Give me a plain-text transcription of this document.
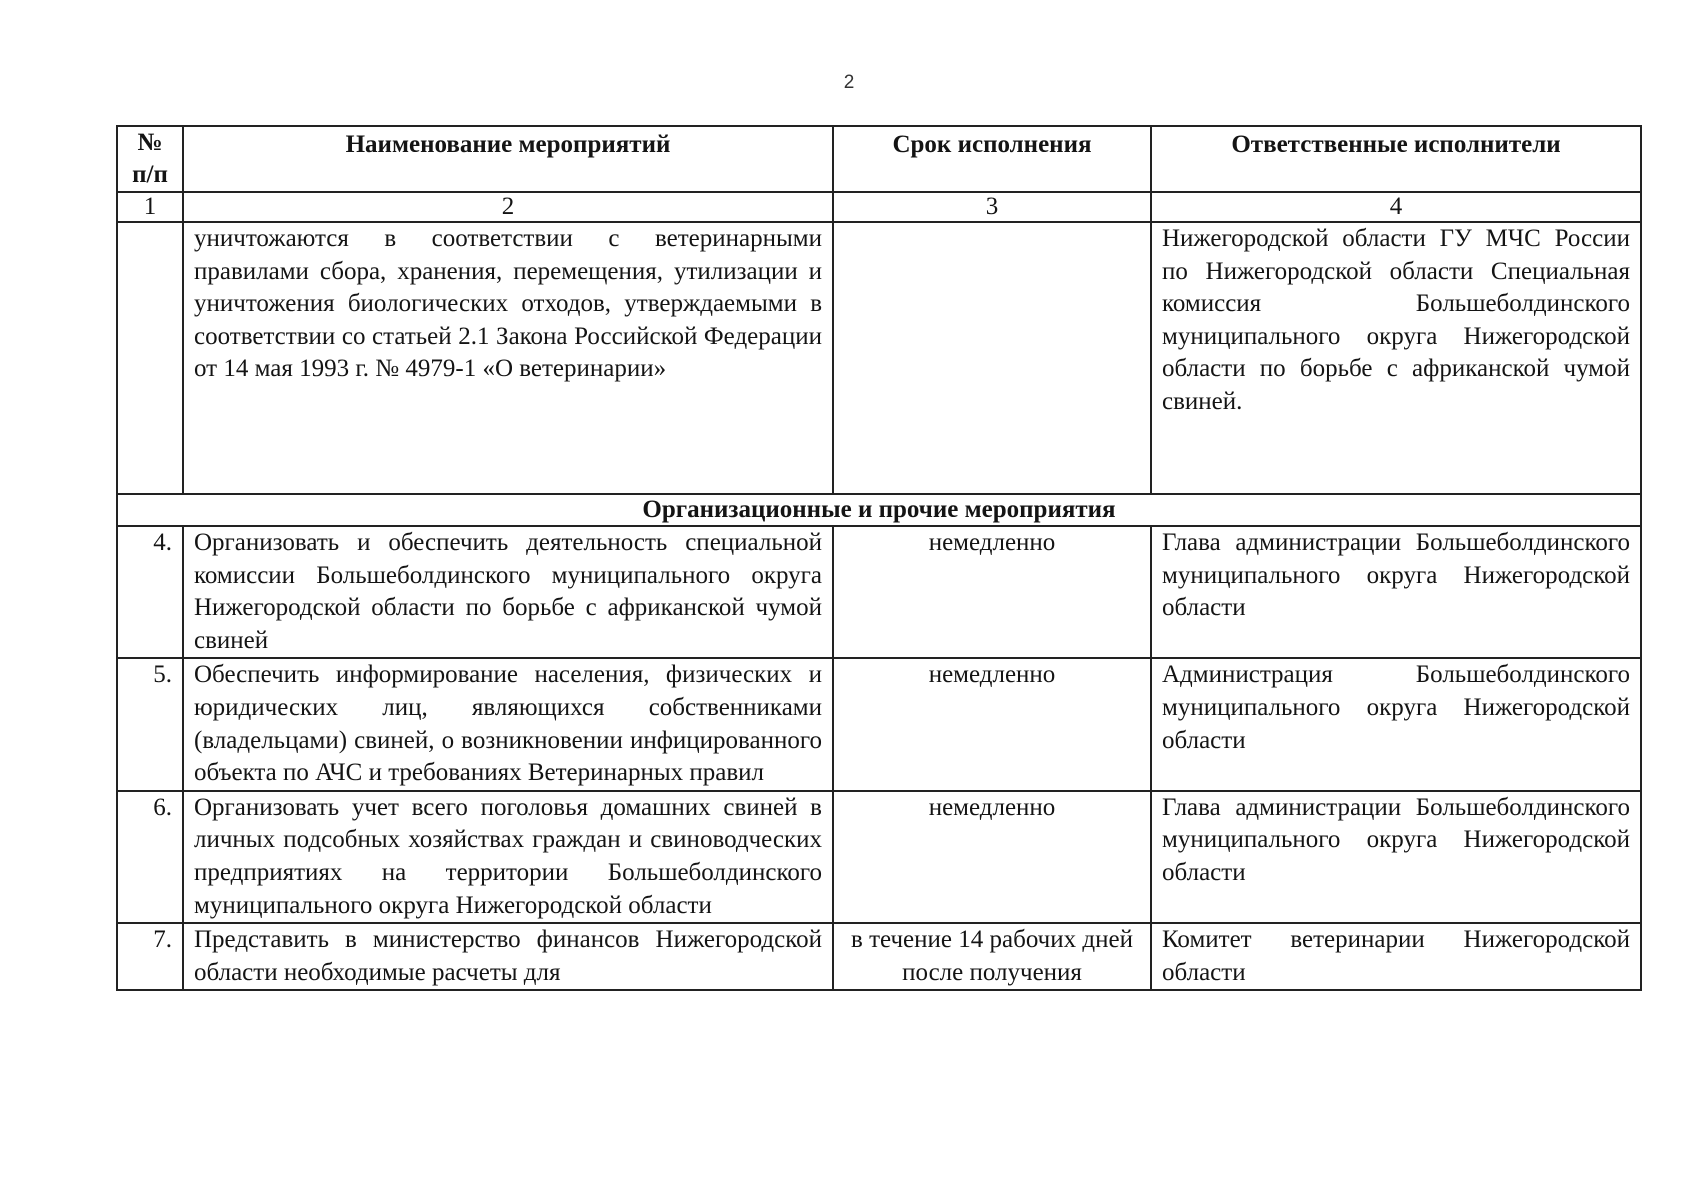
2
№ п/п	Наименование мероприятий	Срок исполнения	Ответственные исполнители
1	2	3	4
	уничтожаются в соответствии с ветеринарными правилами сбора, хранения, перемещения, утилизации и уничтожения биологических отходов, утверждаемыми в соответствии со статьей 2.1 Закона Российской Федерации от 14 мая 1993 г. № 4979-1 «О ветеринарии»		Нижегородской области ГУ МЧС России по Нижегородской области Специальная комиссия Большеболдинского муниципального округа Нижегородской области по борьбе с африканской чумой свиней.
Организационные и прочие мероприятия			
4.	Организовать и обеспечить деятельность специальной комиссии Большеболдинского муниципального округа Нижегородской области по борьбе с африканской чумой свиней	немедленно	Глава администрации Большеболдинского муниципального округа Нижегородской области
5.	Обеспечить информирование населения, физических и юридических лиц, являющихся собственниками (владельцами) свиней, о возникновении инфицированного объекта по АЧС и требованиях Ветеринарных правил	немедленно	Администрация Большеболдинского муниципального округа Нижегородской области
6.	Организовать учет всего поголовья домашних свиней в личных подсобных хозяйствах граждан и свиноводческих предприятиях на территории Большеболдинского муниципального округа Нижегородской области	немедленно	Глава администрации Большеболдинского муниципального округа Нижегородской области
7.	Представить в министерство финансов Нижегородской области необходимые расчеты для	в течение 14 рабочих дней после получения	Комитет ветеринарии Нижегородской области
